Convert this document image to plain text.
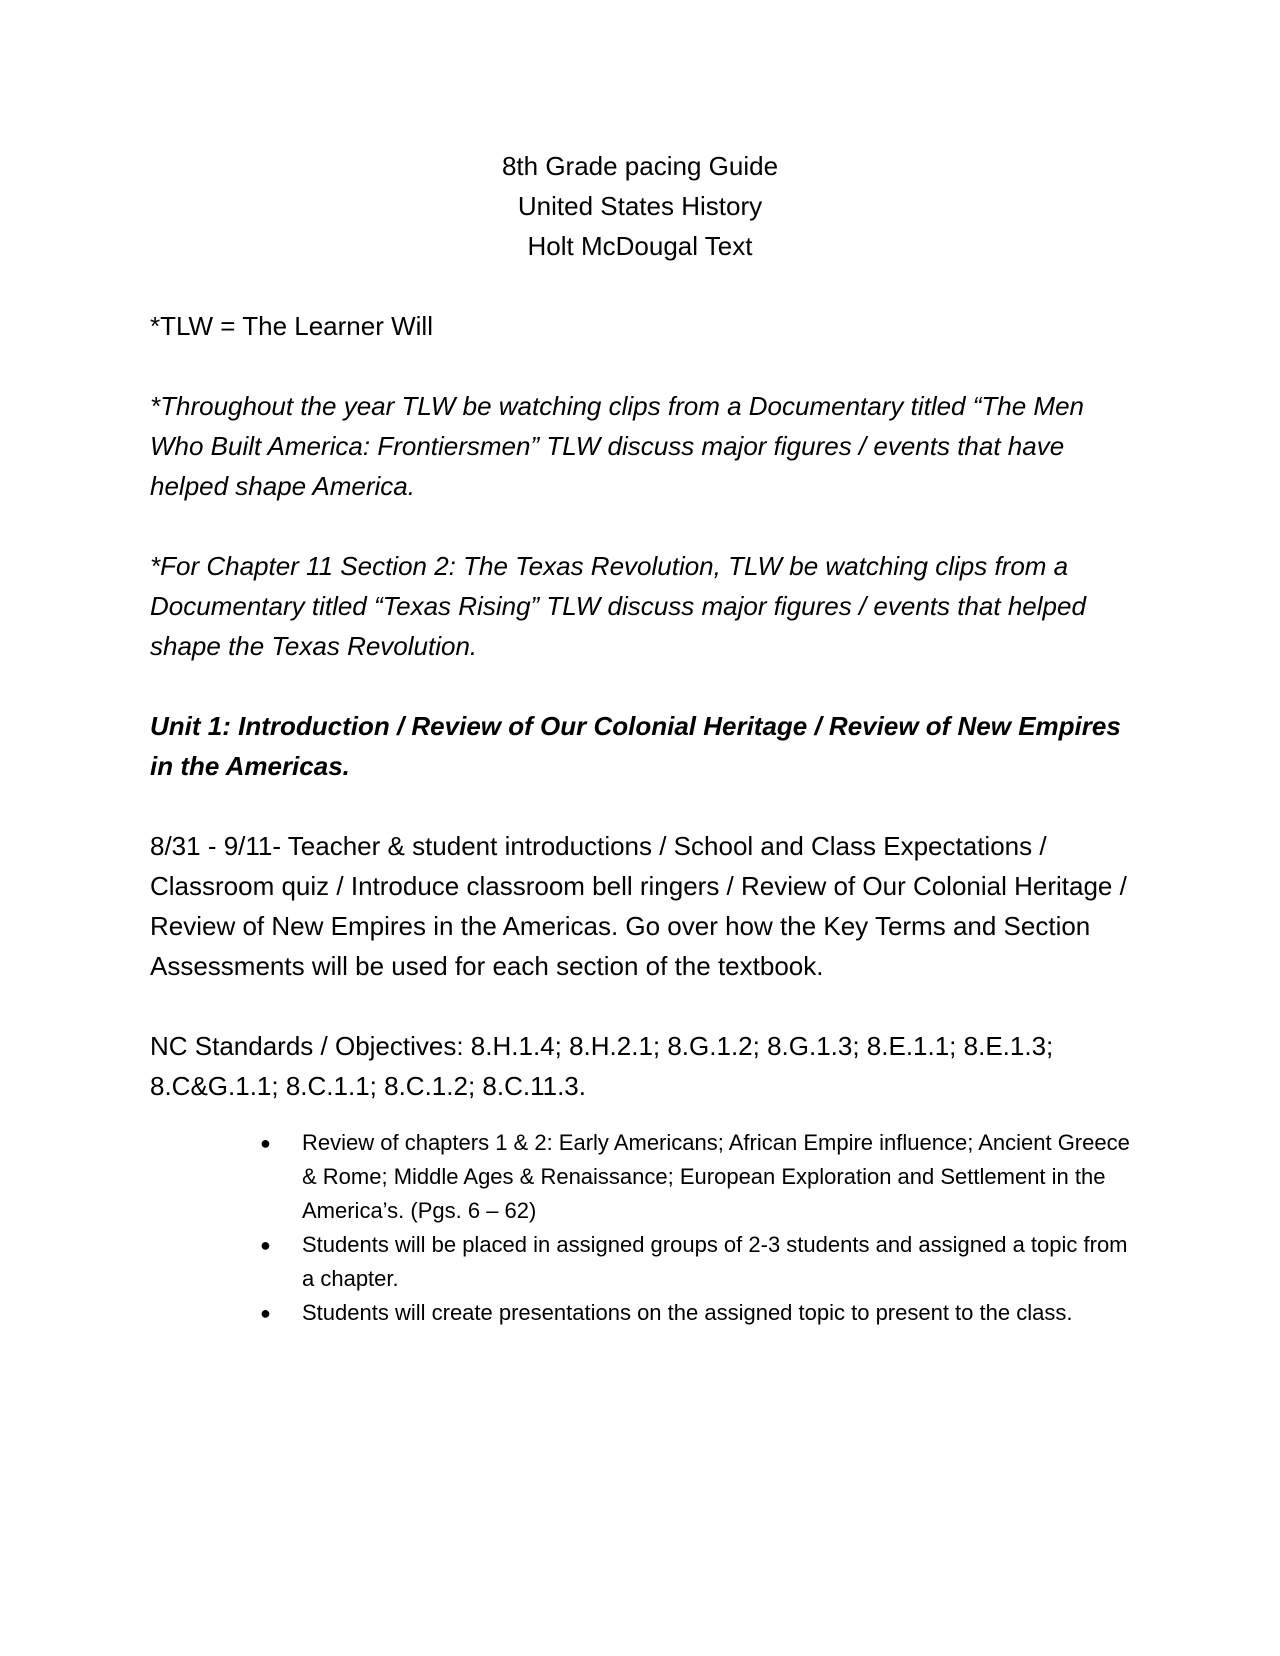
8th Grade pacing Guide
United States History
Holt McDougal Text

*TLW = The Learner Will

*Throughout the year TLW be watching clips from a Documentary titled “The Men Who Built America: Frontiersmen” TLW discuss major figures / events that have helped shape America.

*For Chapter 11 Section 2: The Texas Revolution, TLW be watching clips from a Documentary titled “Texas Rising” TLW discuss major figures / events that helped shape the Texas Revolution.

Unit 1: Introduction / Review of Our Colonial Heritage / Review of New Empires in the Americas.

8/31 - 9/11- Teacher & student introductions / School and Class Expectations / Classroom quiz / Introduce classroom bell ringers / Review of Our Colonial Heritage / Review of New Empires in the Americas. Go over how the Key Terms and Section Assessments will be used for each section of the textbook.

NC Standards / Objectives: 8.H.1.4; 8.H.2.1; 8.G.1.2; 8.G.1.3; 8.E.1.1; 8.E.1.3; 8.C&G.1.1; 8.C.1.1; 8.C.1.2; 8.C.11.3.

● Review of chapters 1 & 2: Early Americans; African Empire influence; Ancient Greece & Rome; Middle Ages & Renaissance; European Exploration and Settlement in the America’s. (Pgs. 6 – 62)
● Students will be placed in assigned groups of 2-3 students and assigned a topic from a chapter.
● Students will create presentations on the assigned topic to present to the class.
